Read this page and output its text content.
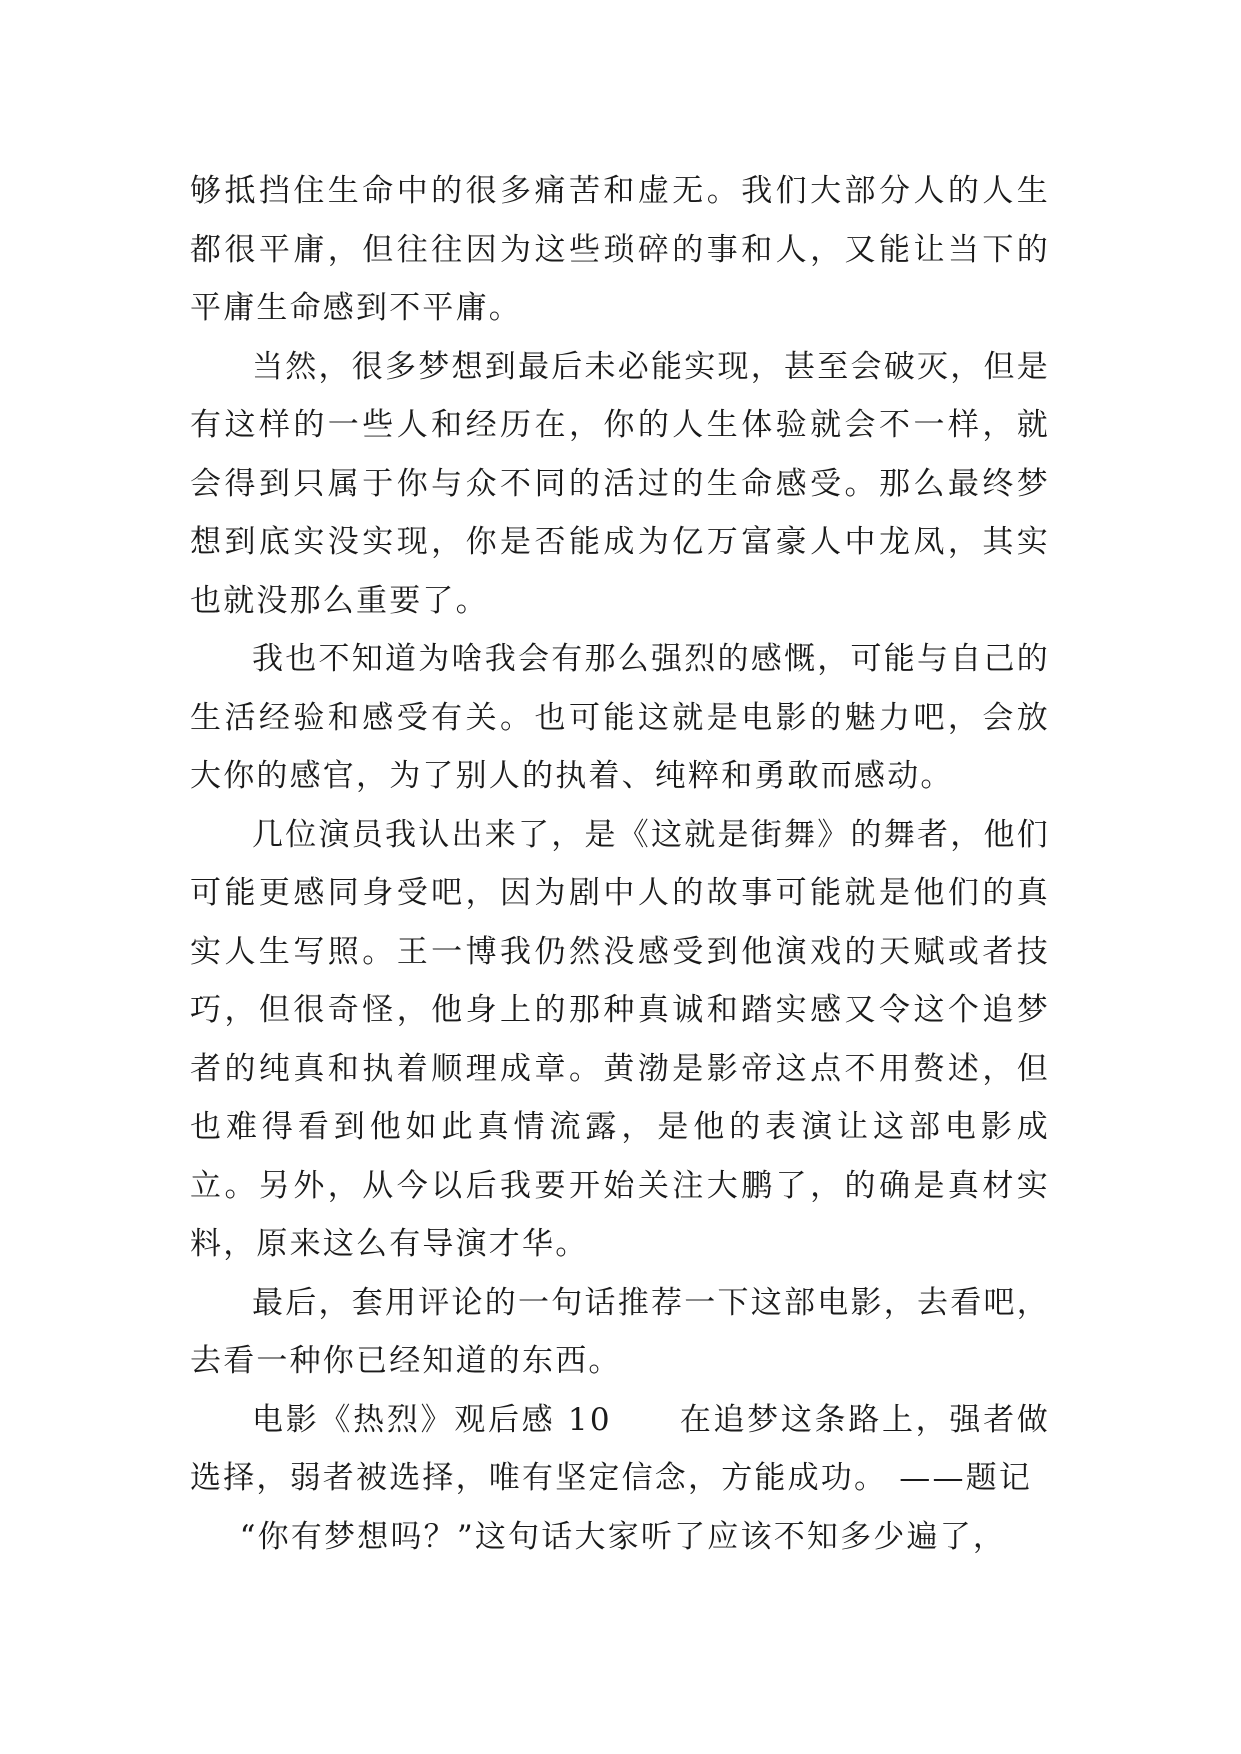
够抵挡住生命中的很多痛苦和虚无。我们大部分人的人生都很平庸，但往往因为这些琐碎的事和人，又能让当下的平庸生命感到不平庸。

当然，很多梦想到最后未必能实现，甚至会破灭，但是有这样的一些人和经历在，你的人生体验就会不一样，就会得到只属于你与众不同的活过的生命感受。那么最终梦想到底实没实现，你是否能成为亿万富豪人中龙凤，其实也就没那么重要了。

我也不知道为啥我会有那么强烈的感慨，可能与自己的生活经验和感受有关。也可能这就是电影的魅力吧，会放大你的感官，为了别人的执着、纯粹和勇敢而感动。

几位演员我认出来了，是《这就是街舞》的舞者，他们可能更感同身受吧，因为剧中人的故事可能就是他们的真实人生写照。王一博我仍然没感受到他演戏的天赋或者技巧，但很奇怪，他身上的那种真诚和踏实感又令这个追梦者的纯真和执着顺理成章。黄渤是影帝这点不用赘述，但也难得看到他如此真情流露，是他的表演让这部电影成立。另外，从今以后我要开始关注大鹏了，的确是真材实料，原来这么有导演才华。

最后，套用评论的一句话推荐一下这部电影，去看吧，去看一种你已经知道的东西。

电影《热烈》观后感 10　　在追梦这条路上，强者做选择，弱者被选择，唯有坚定信念，方能成功。 ——题记

“你有梦想吗？”这句话大家听了应该不知多少遍了，
